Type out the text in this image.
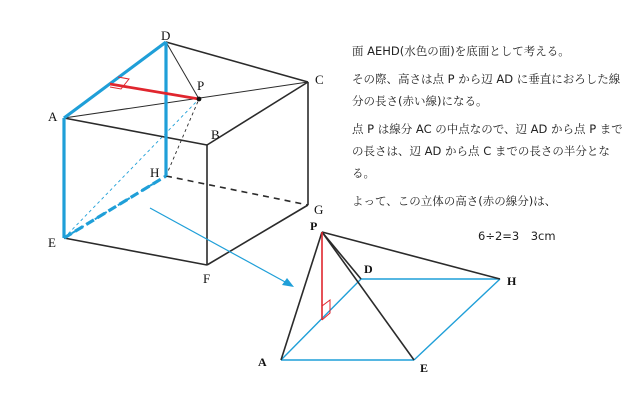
D
C
A
P
B
H
G
E
F
P
D
H
A	E

面 AEHD(水色の面)を底面として考える。

その際、高さは点 P から辺 AD に垂直におろした線分の長さ(赤い線)になる。

点 P は線分 AC の中点なので、辺 AD から点 P までの長さは、辺 AD から点 C までの長さの半分となる。

よって、この立体の高さ(赤の線分)は、

6÷2=3　3cm
